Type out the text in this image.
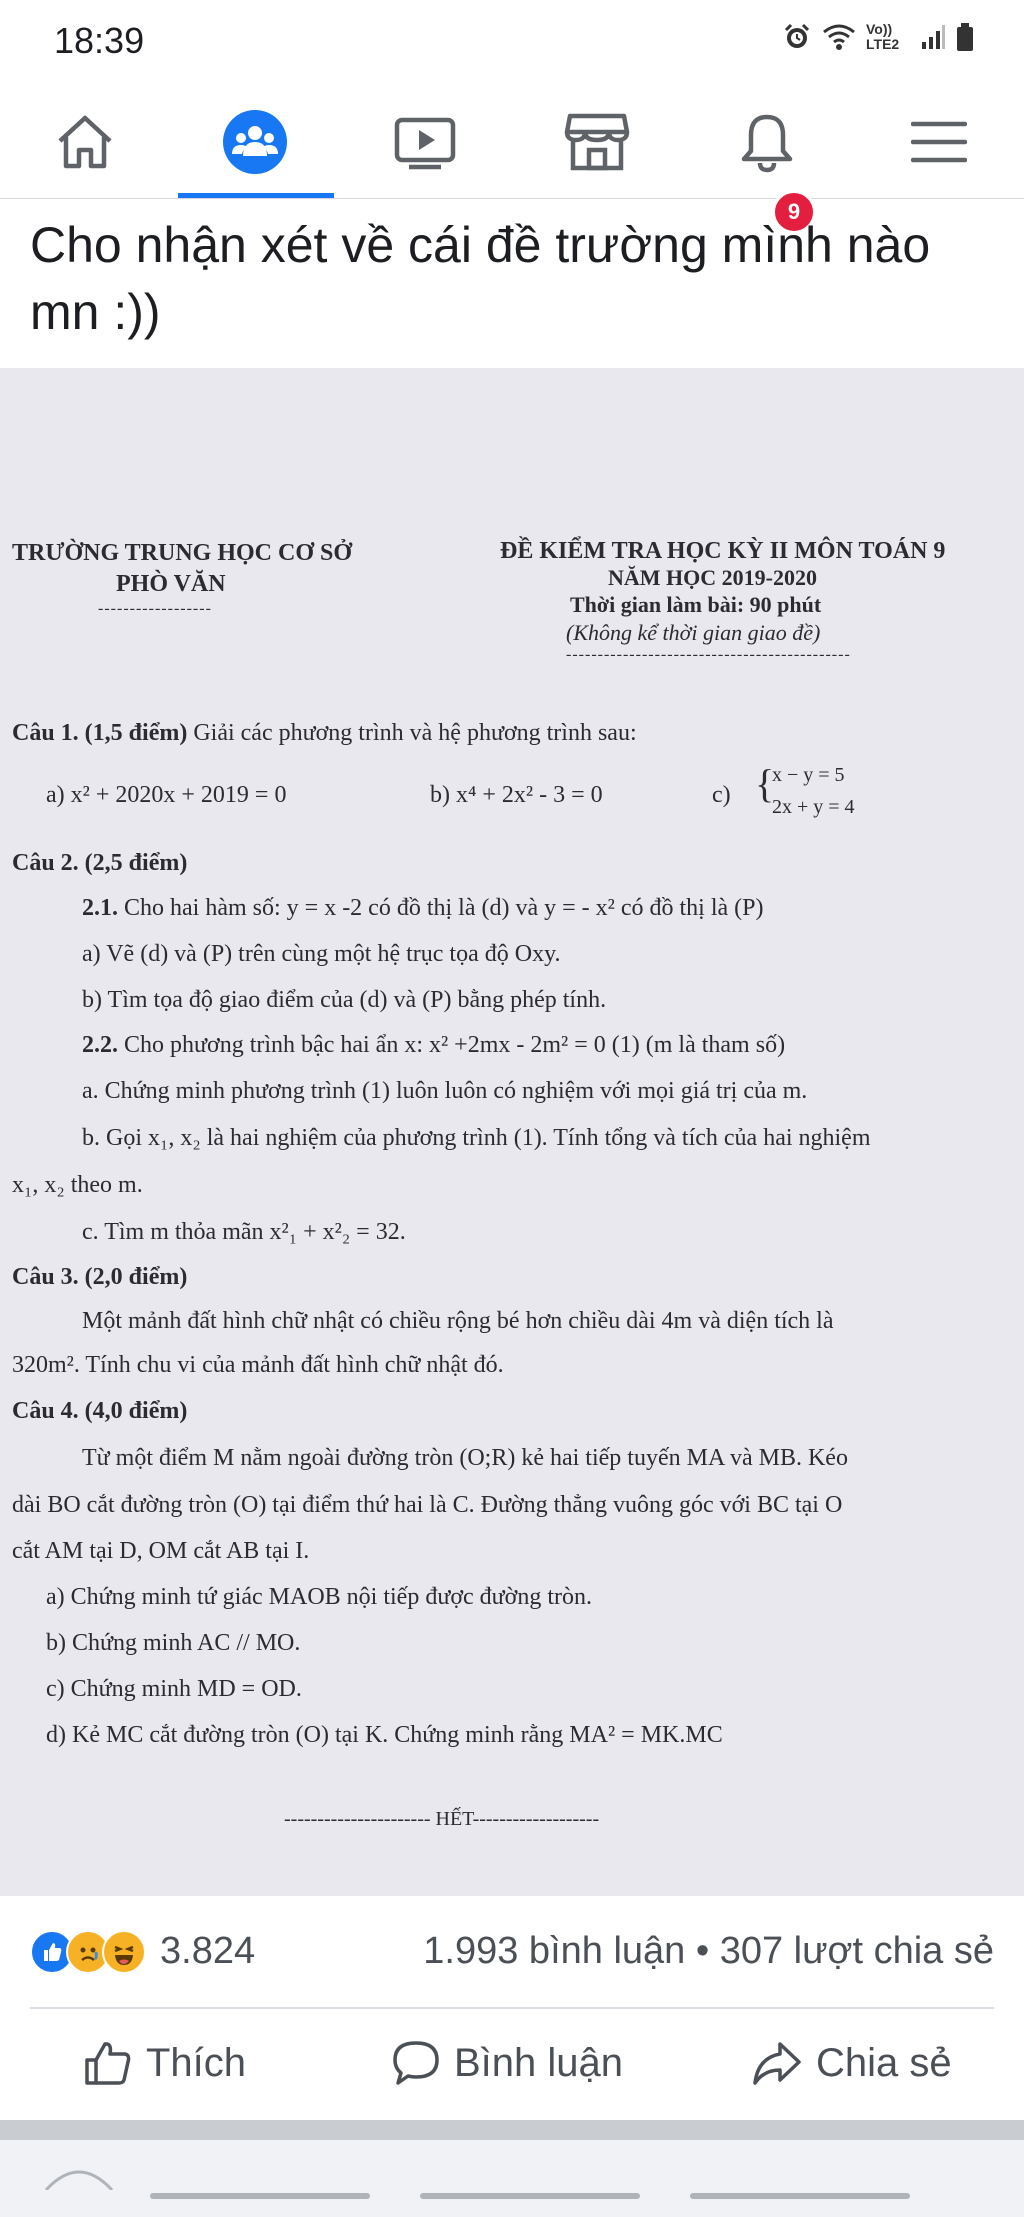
18:39	Vo)) LTE2
9
Cho nhận xét về cái đề trường mình nào mn :))
TRƯỜNG TRUNG HỌC CƠ SỞ
PHÒ VĂN
------------------
ĐỀ KIỂM TRA HỌC KỲ II MÔN TOÁN 9
NĂM HỌC 2019-2020
Thời gian làm bài: 90 phút
(Không kể thời gian giao đề)
---------------------------------------------
Câu 1. (1,5 điểm) Giải các phương trình và hệ phương trình sau:
a) x² + 2020x + 2019 = 0	b) x⁴ + 2x² - 3 = 0	c) {
x − y = 5
2x + y = 4
Câu 2. (2,5 điểm)
2.1. Cho hai hàm số: y = x -2 có đồ thị là (d) và y = - x² có đồ thị là (P)
a) Vẽ (d) và (P) trên cùng một hệ trục tọa độ Oxy.
b) Tìm tọa độ giao điểm của (d) và (P) bằng phép tính.
2.2. Cho phương trình bậc hai ẩn x: x² +2mx - 2m² = 0 (1) (m là tham số)
a. Chứng minh phương trình (1) luôn luôn có nghiệm với mọi giá trị của m.
b. Gọi x₁, x₂ là hai nghiệm của phương trình (1). Tính tổng và tích của hai nghiệm
x₁, x₂ theo m.
c. Tìm m thỏa mãn x²₁ + x²₂ = 32.
Câu 3. (2,0 điểm)
Một mảnh đất hình chữ nhật có chiều rộng bé hơn chiều dài 4m và diện tích là
320m². Tính chu vi của mảnh đất hình chữ nhật đó.
Câu 4. (4,0 điểm)
Từ một điểm M nằm ngoài đường tròn (O;R) kẻ hai tiếp tuyến MA và MB. Kéo
dài BO cắt đường tròn (O) tại điểm thứ hai là C. Đường thẳng vuông góc với BC tại O
cắt AM tại D, OM cắt AB tại I.
a) Chứng minh tứ giác MAOB nội tiếp được đường tròn.
b) Chứng minh AC // MO.
c) Chứng minh MD = OD.
d) Kẻ MC cắt đường tròn (O) tại K. Chứng minh rằng MA² = MK.MC
---------------------- HẾT-------------------
3.824	1.993 bình luận • 307 lượt chia sẻ
Thích	Bình luận	Chia sẻ
